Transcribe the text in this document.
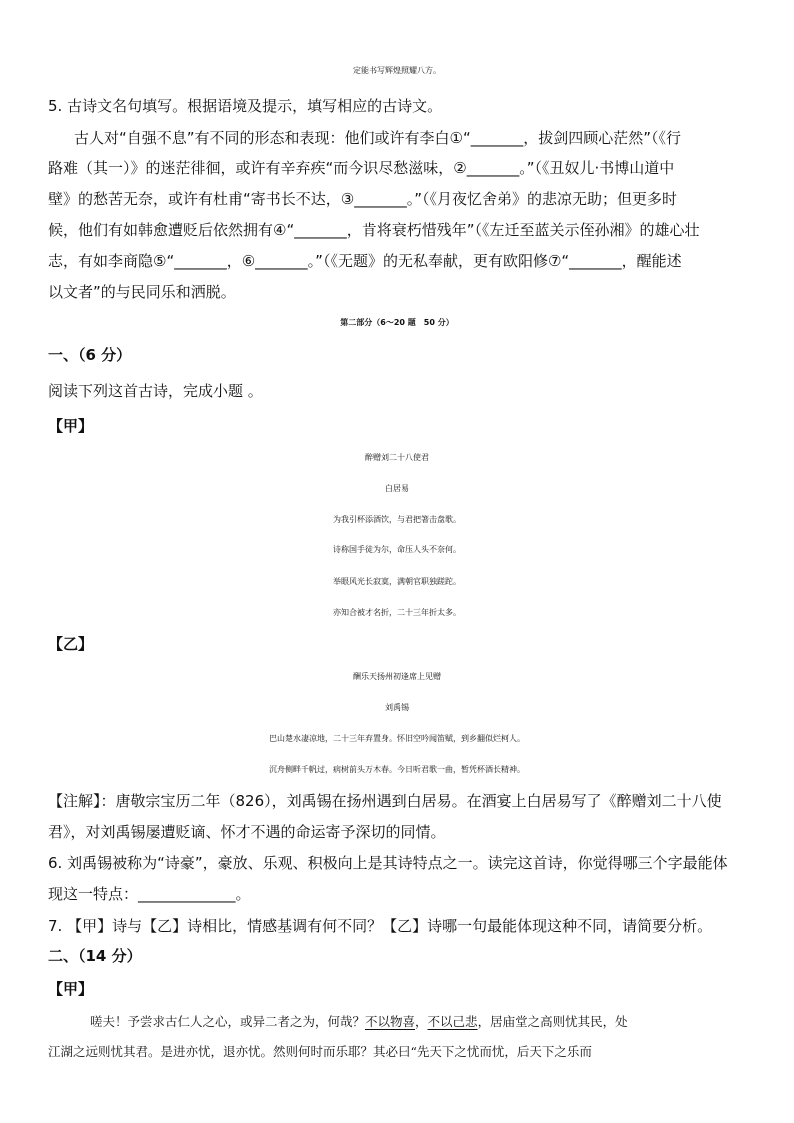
定能书写辉煌照耀八方。
5. 古诗文名句填写。根据语境及提示，填写相应的古诗文。
古人对“自强不息”有不同的形态和表现：他们或许有李白①“_______，拔剑四顾心茫然”（《行
路难（其一）》的迷茫徘徊，或许有辛弃疾“而今识尽愁滋味，②_______。”（《丑奴儿·书博山道中
壁》的愁苦无奈，或许有杜甫“寄书长不达，③_______。”（《月夜忆舍弟》的悲凉无助；但更多时
候，他们有如韩愈遭贬后依然拥有④“_______，肯将衰朽惜残年”（《左迁至蓝关示侄孙湘》的雄心壮
志，有如李商隐⑤“_______，⑥_______。”（《无题》的无私奉献，更有欧阳修⑦“_______，醒能述
以文者”的与民同乐和洒脱。
第二部分（6～20 题　50 分）
一、（6 分）
阅读下列这首古诗，完成小题 。
【甲】
醉赠刘二十八使君
白居易
为我引杯添酒饮，与君把箸击盘歌。
诗称国手徒为尔，命压人头不奈何。
举眼风光长寂寞，满朝官职独蹉跎。
亦知合被才名折，二十三年折太多。
【乙】
酬乐天扬州初逢席上见赠
刘禹锡
巴山楚水凄凉地，二十三年弃置身。怀旧空吟闻笛赋，到乡翻似烂柯人。
沉舟侧畔千帆过，病树前头万木春。今日听君歌一曲，暂凭杯酒长精神。
【注解】：唐敬宗宝历二年（826），刘禹锡在扬州遇到白居易。在酒宴上白居易写了《醉赠刘二十八使
君》，对刘禹锡屡遭贬谪、怀才不遇的命运寄予深切的同情。
6. 刘禹锡被称为“诗豪”，豪放、乐观、积极向上是其诗特点之一。读完这首诗，你觉得哪三个字最能体
现这一特点：_____________。
7. 【甲】诗与【乙】诗相比，情感基调有何不同？【乙】诗哪一句最能体现这种不同，请简要分析。
二、（14 分）
【甲】
嗟夫！予尝求古仁人之心，或异二者之为，何哉？不以物喜，不以己悲，居庙堂之高则忧其民，处
江湖之远则忧其君。是进亦忧，退亦忧。然则何时而乐耶？其必曰“先天下之忧而忧，后天下之乐而
